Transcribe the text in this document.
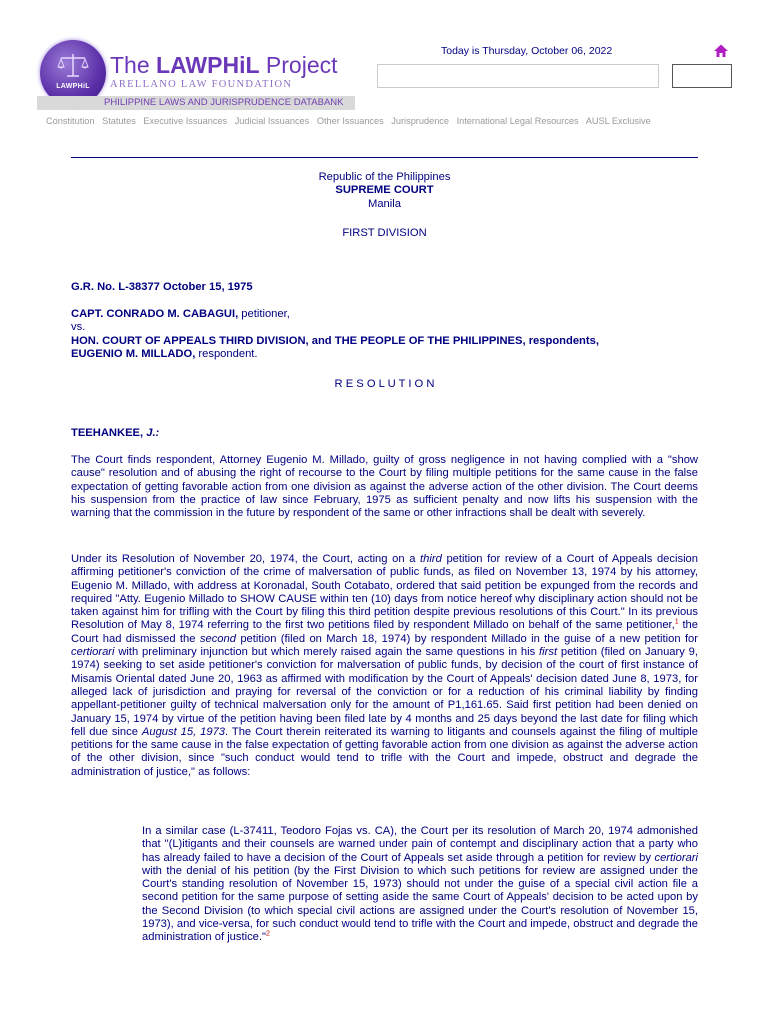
LAWPHiL
The LAWPHiL Project
ARELLANO LAW FOUNDATION
PHILIPPINE LAWS AND JURISPRUDENCE DATABANK
Today is Thursday, October 06, 2022
Constitution Statutes Executive Issuances Judicial Issuances Other Issuances Jurisprudence International Legal Resources AUSL Exclusive
Republic of the Philippines
SUPREME COURT
Manila
FIRST DIVISION
G.R. No. L-38377 October 15, 1975
CAPT. CONRADO M. CABAGUI, petitioner,
vs.
HON. COURT OF APPEALS THIRD DIVISION, and THE PEOPLE OF THE PHILIPPINES, respondents,
EUGENIO M. MILLADO, respondent.
R E S O L U T I O N
TEEHANKEE, J.:

The Court finds respondent, Attorney Eugenio M. Millado, guilty of gross negligence in not having complied with a "show cause" resolution and of abusing the right of recourse to the Court by filing multiple petitions for the same cause in the false expectation of getting favorable action from one division as against the adverse action of the other division. The Court deems his suspension from the practice of law since February, 1975 as sufficient penalty and now lifts his suspension with the warning that the commission in the future by respondent of the same or other infractions shall be dealt with severely.

Under its Resolution of November 20, 1974, the Court, acting on a third petition for review of a Court of Appeals decision affirming petitioner's conviction of the crime of malversation of public funds, as filed on November 13, 1974 by his attorney, Eugenio M. Millado, with address at Koronadal, South Cotabato, ordered that said petition be expunged from the records and required "Atty. Eugenio Millado to SHOW CAUSE within ten (10) days from notice hereof why disciplinary action should not be taken against him for trifling with the Court by filing this third petition despite previous resolutions of this Court." In its previous Resolution of May 8, 1974 referring to the first two petitions filed by respondent Millado on behalf of the same petitioner,$^1$ the Court had dismissed the second petition (filed on March 18, 1974) by respondent Millado in the guise of a new petition for certiorari with preliminary injunction but which merely raised again the same questions in his first petition (filed on January 9, 1974) seeking to set aside petitioner's conviction for malversation of public funds, by decision of the court of first instance of Misamis Oriental dated June 20, 1963 as affirmed with modification by the Court of Appeals' decision dated June 8, 1973, for alleged lack of jurisdiction and praying for reversal of the conviction or for a reduction of his criminal liability by finding appellant-petitioner guilty of technical malversation only for the amount of P1,161.65. Said first petition had been denied on January 15, 1974 by virtue of the petition having been filed late by 4 months and 25 days beyond the last date for filing which fell due since August 15, 1973. The Court therein reiterated its warning to litigants and counsels against the filing of multiple petitions for the same cause in the false expectation of getting favorable action from one division as against the adverse action of the other division, since "such conduct would tend to trifle with the Court and impede, obstruct and degrade the administration of justice," as follows:

In a similar case (L-37411, Teodoro Fojas vs. CA), the Court per its resolution of March 20, 1974 admonished that "(L)itigants and their counsels are warned under pain of contempt and disciplinary action that a party who has already failed to have a decision of the Court of Appeals set aside through a petition for review by certiorari with the denial of his petition (by the First Division to which such petitions for review are assigned under the Court's standing resolution of November 15, 1973) should not under the guise of a special civil action file a second petition for the same purpose of setting aside the same Court of Appeals' decision to be acted upon by the Second Division (to which special civil actions are assigned under the Court's resolution of November 15, 1973), and vice-versa, for such conduct would tend to trifle with the Court and impede, obstruct and degrade the administration of justice."$^2$
